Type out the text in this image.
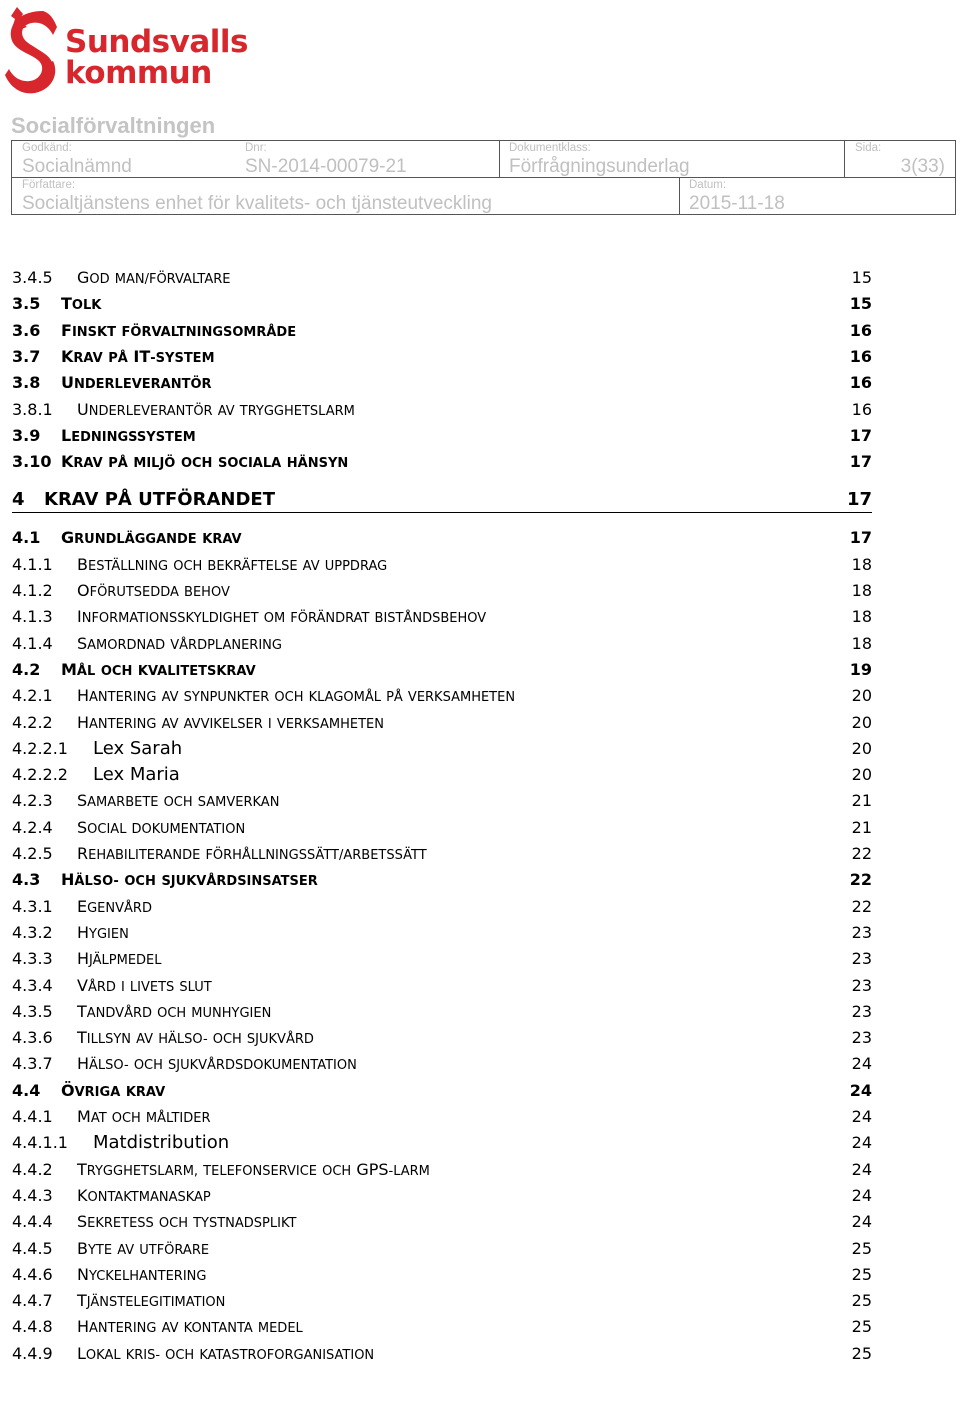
Sundsvalls
kommun
Socialförvaltningen
Godkänd:
Socialnämnd
Dnr:
SN-2014-00079-21
Dokumentklass:
Förfrågningsunderlag
Sida:
3(33)
Författare:
Socialtjänstens enhet för kvalitets- och tjänsteutveckling
Datum:
2015-11-18
3.4.5 GOD MAN/FÖRVALTARE	15
3.5 TOLK	15
3.6 FINSKT FÖRVALTNINGSOMRÅDE	16
3.7 KRAV PÅ IT-SYSTEM	16
3.8 UNDERLEVERANTÖR	16
3.8.1 UNDERLEVERANTÖR AV TRYGGHETSLARM	16
3.9 LEDNINGSSYSTEM	17
3.10 KRAV PÅ MILJÖ OCH SOCIALA HÄNSYN	17
4 KRAV PÅ UTFÖRANDET	17
4.1 GRUNDLÄGGANDE KRAV	17
4.1.1 BESTÄLLNING OCH BEKRÄFTELSE AV UPPDRAG	18
4.1.2 OFÖRUTSEDDA BEHOV	18
4.1.3 INFORMATIONSSKYLDIGHET OM FÖRÄNDRAT BISTÅNDSBEHOV	18
4.1.4 SAMORDNAD VÅRDPLANERING	18
4.2 MÅL OCH KVALITETSKRAV	19
4.2.1 HANTERING AV SYNPUNKTER OCH KLAGOMÅL PÅ VERKSAMHETEN	20
4.2.2 HANTERING AV AVVIKELSER I VERKSAMHETEN	20
4.2.2.1 Lex Sarah	20
4.2.2.2 Lex Maria	20
4.2.3 SAMARBETE OCH SAMVERKAN	21
4.2.4 SOCIAL DOKUMENTATION	21
4.2.5 REHABILITERANDE FÖRHÅLLNINGSSÄTT/ARBETSSÄTT	22
4.3 HÄLSO- OCH SJUKVÅRDSINSATSER	22
4.3.1 EGENVÅRD	22
4.3.2 HYGIEN	23
4.3.3 HJÄLPMEDEL	23
4.3.4 VÅRD I LIVETS SLUT	23
4.3.5 TANDVÅRD OCH MUNHYGIEN	23
4.3.6 TILLSYN AV HÄLSO- OCH SJUKVÅRD	23
4.3.7 HÄLSO- OCH SJUKVÅRDSDOKUMENTATION	24
4.4 ÖVRIGA KRAV	24
4.4.1 MAT OCH MÅLTIDER	24
4.4.1.1 Matdistribution	24
4.4.2 TRYGGHETSLARM, TELEFONSERVICE OCH GPS-LARM	24
4.4.3 KONTAKTMANASKAP	24
4.4.4 SEKRETESS OCH TYSTNADSPLIKT	24
4.4.5 BYTE AV UTFÖRARE	25
4.4.6 NYCKELHANTERING	25
4.4.7 TJÄNSTELEGITIMATION	25
4.4.8 HANTERING AV KONTANTA MEDEL	25
4.4.9 LOKAL KRIS- OCH KATASTROFORGANISATION	25
